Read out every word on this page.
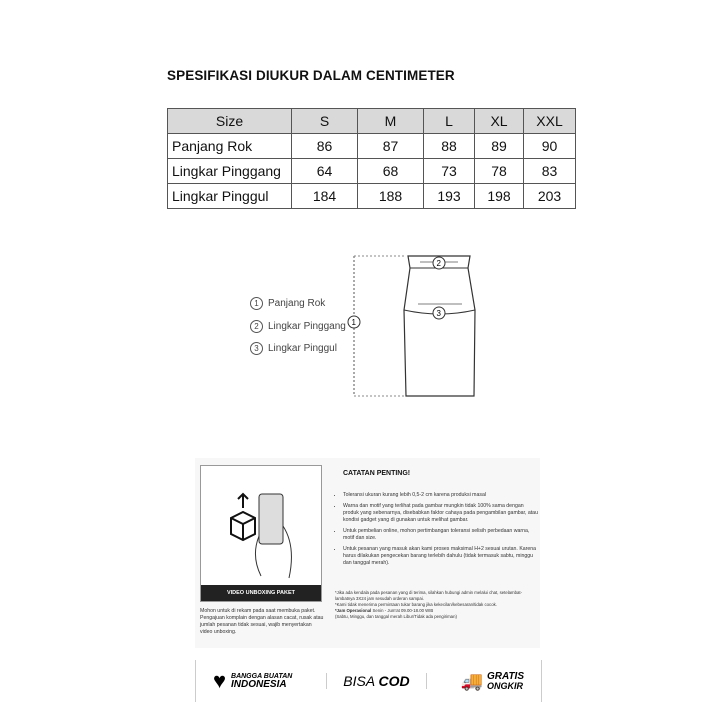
SPESIFIKASI DIUKUR DALAM CENTIMETER
Size	S	M	L	XL	XXL
Panjang Rok	86	87	88	89	90
Lingkar Pinggang	64	68	73	78	83
Lingkar Pinggul	184	188	193	198	203
1
2
3
1 Panjang Rok
2 Lingkar Pinggang
3 Lingkar Pinggul
VIDEO UNBOXING PAKET
Mohon untuk di rekam pada saat membuka paket. Pengajuan komplain dengan alasan cacat, rusak atau jumlah pesanan tidak sesuai, wajib menyertakan video unboxing.
CATATAN PENTING!
• Toleransi ukuran kurang lebih 0,5-2 cm karena produksi masal
• Warna dan motif yang terlihat pada gambar mungkin tidak 100% sama dengan produk yang sebenarnya, disebabkan faktor cahaya pada pengambilan gambar, atau kondisi gadget yang di gunakan untuk melihat gambar.
• Untuk pembelian online, mohon pertimbangan toleransi selisih perbedaan warna, motif dan size.
• Untuk pesanan yang masuk akan kami proses maksimal H+2 sesuai urutan. Karena harus dilakukan pengecekan barang terlebih dahulu (tidak termasuk sabtu, minggu dan tanggal merah).
*Jika ada kendala pada pesanan yang di terima, silahkan hubungi admin melalui chat, setelambat-lambatnya 3X24 jam sesudah orderan sampai.
*Kami tidak menerima permintaan tukar barang jika kekecilan/kebesaran/tidak cocok.
*Jam Operasional Senin - Jum'at 09.00-18.00 WIB
(Sabtu, Minggu, dan tanggal merah Libur/Tidak ada pengiriman)
♥ BANGGA BUATAN
INDONESIA	BISA COD	🚚 GRATIS
ONGKIR
